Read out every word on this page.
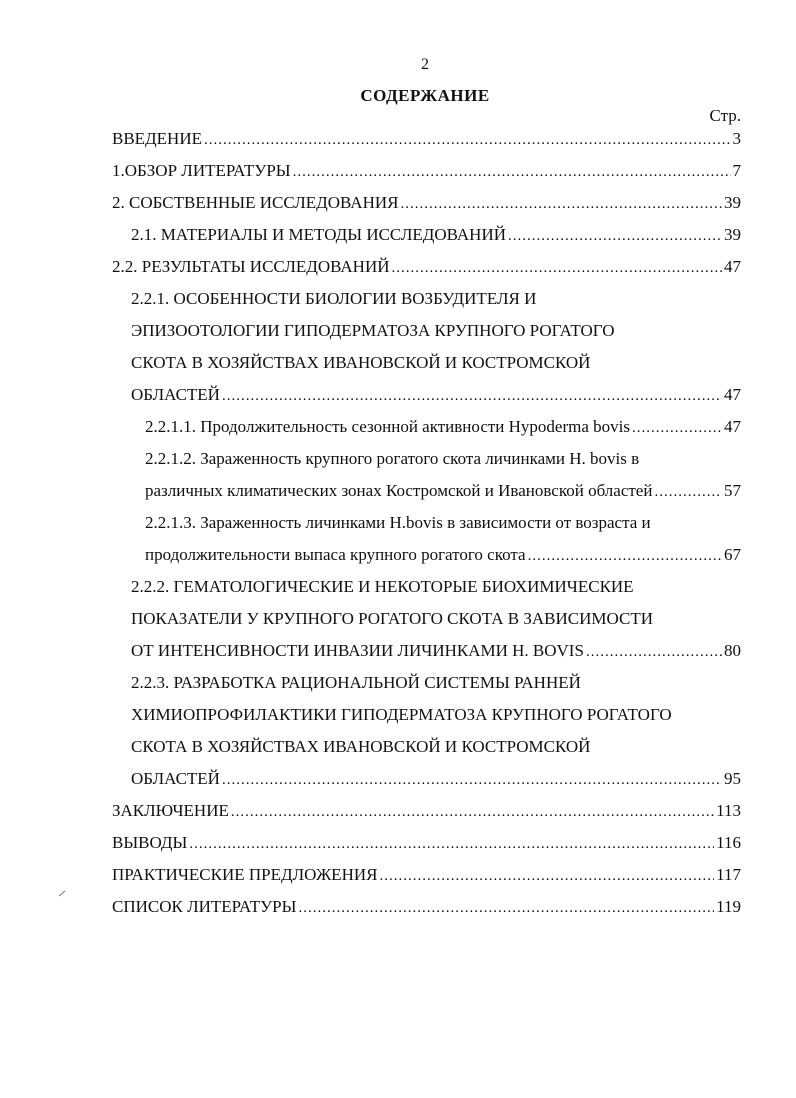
2
СОДЕРЖАНИЕ
Стр.
ВВЕДЕНИЕ .....	3
1.ОБЗОР ЛИТЕРАТУРЫ .....	7
2. СОБСТВЕННЫЕ ИССЛЕДОВАНИЯ .....	39
2.1. МАТЕРИАЛЫ И МЕТОДЫ ИССЛЕДОВАНИЙ .....	39
2.2. РЕЗУЛЬТАТЫ ИССЛЕДОВАНИЙ .....	47
2.2.1. ОСОБЕННОСТИ БИОЛОГИИ ВОЗБУДИТЕЛЯ И
ЭПИЗООТОЛОГИИ ГИПОДЕРМАТОЗА КРУПНОГО РОГАТОГО
СКОТА В ХОЗЯЙСТВАХ ИВАНОВСКОЙ И КОСТРОМСКОЙ
ОБЛАСТЕЙ .....	47
2.2.1.1. Продолжительность сезонной активности Hypoderma bovis .....	47
2.2.1.2. Зараженность крупного рогатого скота личинками H. bovis в
различных климатических зонах Костромской и Ивановской областей .....	57
2.2.1.3. Зараженность личинками H.bovis в зависимости от возраста и
продолжительности выпаса крупного рогатого скота .....	67
2.2.2. ГЕМАТОЛОГИЧЕСКИЕ И НЕКОТОРЫЕ БИОХИМИЧЕСКИЕ
ПОКАЗАТЕЛИ У КРУПНОГО РОГАТОГО СКОТА В ЗАВИСИМОСТИ
ОТ ИНТЕНСИВНОСТИ ИНВАЗИИ ЛИЧИНКАМИ H. BOVIS .....	80
2.2.3. РАЗРАБОТКА РАЦИОНАЛЬНОЙ СИСТЕМЫ РАННЕЙ
ХИМИОПРОФИЛАКТИКИ ГИПОДЕРМАТОЗА КРУПНОГО РОГАТОГО
СКОТА В ХОЗЯЙСТВАХ ИВАНОВСКОЙ И КОСТРОМСКОЙ
ОБЛАСТЕЙ .....	95
ЗАКЛЮЧЕНИЕ .....	113
ВЫВОДЫ .....	116
ПРАКТИЧЕСКИЕ ПРЕДЛОЖЕНИЯ .....	117
СПИСОК ЛИТЕРАТУРЫ .....	119
